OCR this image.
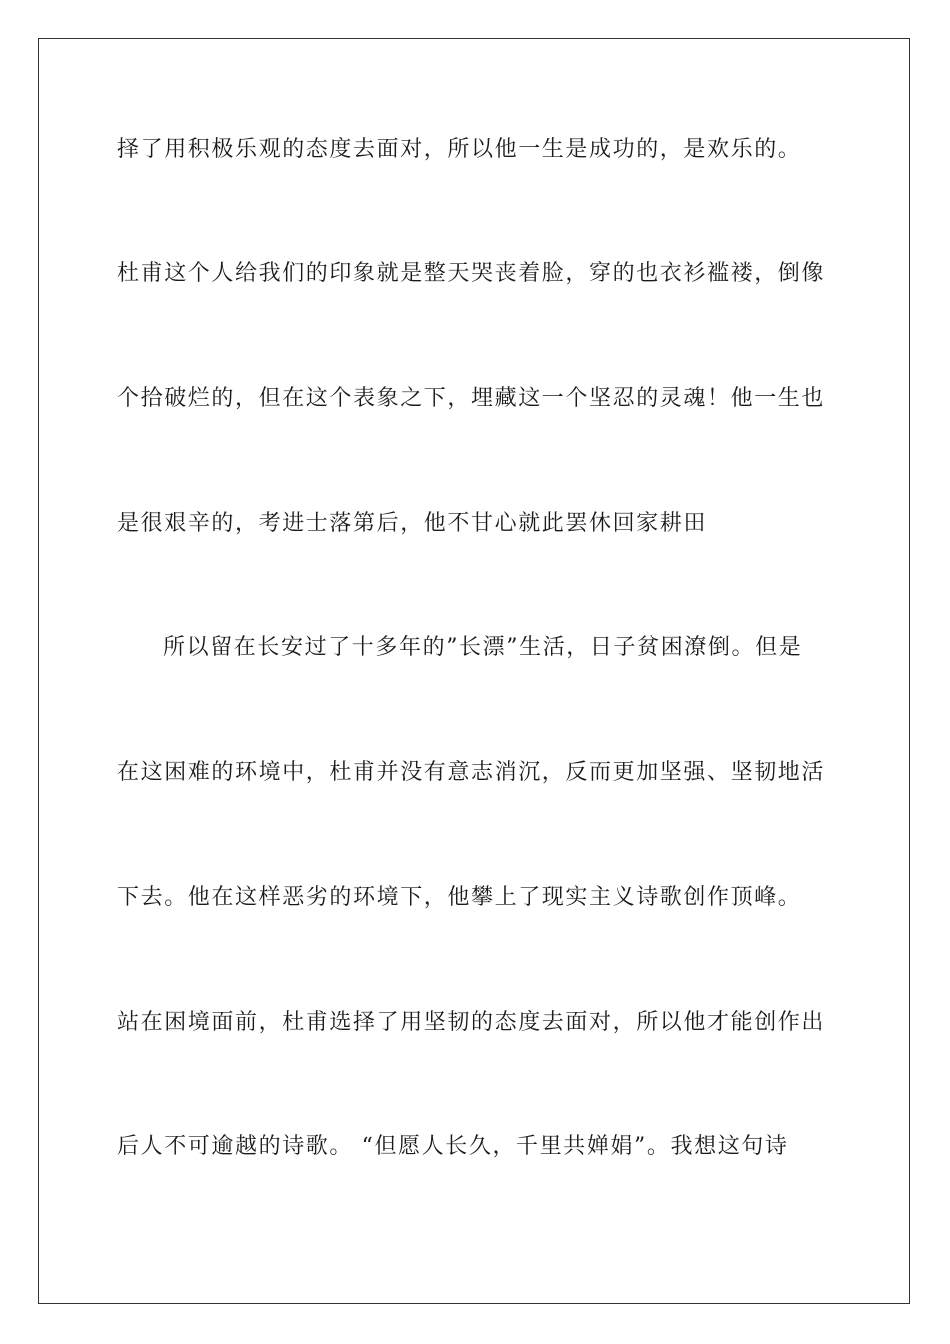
择了用积极乐观的态度去面对，所以他一生是成功的，是欢乐的。
杜甫这个人给我们的印象就是整天哭丧着脸，穿的也衣衫褴褛，倒像
个拾破烂的，但在这个表象之下，埋藏这一个坚忍的灵魂！他一生也
是很艰辛的，考进士落第后，他不甘心就此罢休回家耕田
所以留在长安过了十多年的”长漂”生活，日子贫困潦倒。但是
在这困难的环境中，杜甫并没有意志消沉，反而更加坚强、坚韧地活
下去。他在这样恶劣的环境下，他攀上了现实主义诗歌创作顶峰。
站在困境面前，杜甫选择了用坚韧的态度去面对，所以他才能创作出
后人不可逾越的诗歌。 “但愿人长久，千里共婵娟”。我想这句诗
